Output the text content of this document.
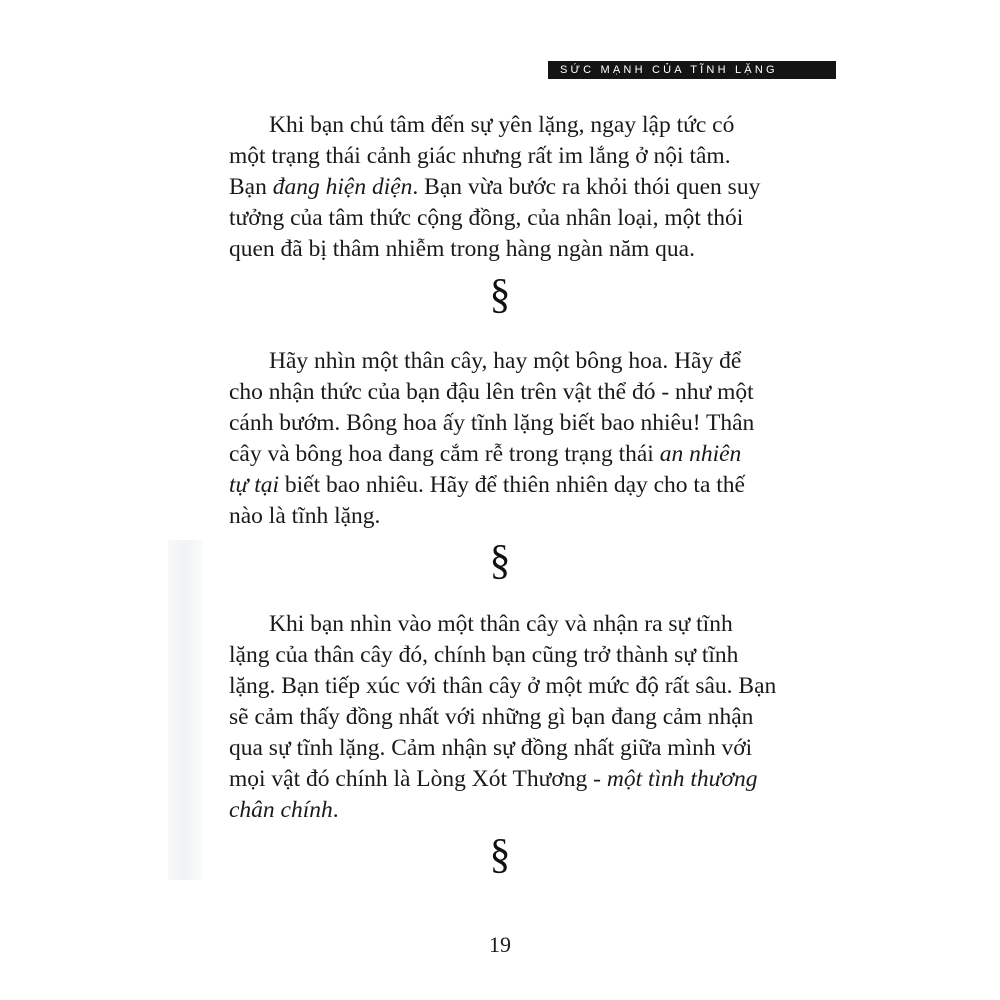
SỨC MẠNH CỦA TĨNH LẶNG
Khi bạn chú tâm đến sự yên lặng, ngay lập tức có
một trạng thái cảnh giác nhưng rất im lắng ở nội tâm.
Bạn đang hiện diện. Bạn vừa bước ra khỏi thói quen suy
tưởng của tâm thức cộng đồng, của nhân loại, một thói
quen đã bị thâm nhiễm trong hàng ngàn năm qua.
§
Hãy nhìn một thân cây, hay một bông hoa. Hãy để
cho nhận thức của bạn đậu lên trên vật thể đó - như một
cánh bướm. Bông hoa ấy tĩnh lặng biết bao nhiêu! Thân
cây và bông hoa đang cắm rễ trong trạng thái an nhiên
tự tại biết bao nhiêu. Hãy để thiên nhiên dạy cho ta thế
nào là tĩnh lặng.
§
Khi bạn nhìn vào một thân cây và nhận ra sự tĩnh
lặng của thân cây đó, chính bạn cũng trở thành sự tĩnh
lặng. Bạn tiếp xúc với thân cây ở một mức độ rất sâu. Bạn
sẽ cảm thấy đồng nhất với những gì bạn đang cảm nhận
qua sự tĩnh lặng. Cảm nhận sự đồng nhất giữa mình với
mọi vật đó chính là Lòng Xót Thương - một tình thương
chân chính.
§
19
